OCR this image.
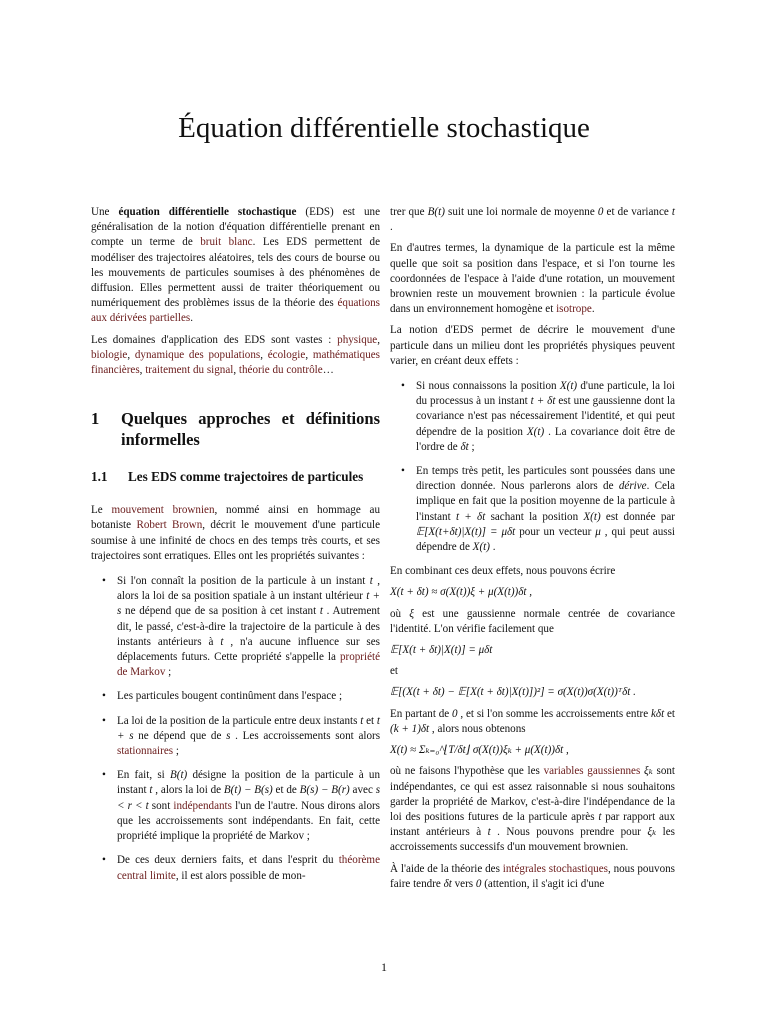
Équation différentielle stochastique

Une équation différentielle stochastique (EDS) est une généralisation de la notion d'équation différentielle prenant en compte un terme de bruit blanc. Les EDS permettent de modéliser des trajectoires aléatoires, tels des cours de bourse ou les mouvements de particules soumises à des phénomènes de diffusion. Elles permettent aussi de traiter théoriquement ou numériquement des problèmes issus de la théorie des équations aux dérivées partielles.

Les domaines d'application des EDS sont vastes : physique, biologie, dynamique des populations, écologie, mathématiques financières, traitement du signal, théorie du contrôle…

1	Quelques approches et définitions informelles
1.1	Les EDS comme trajectoires de particules

Le mouvement brownien, nommé ainsi en hommage au botaniste Robert Brown, décrit le mouvement d'une particule soumise à une infinité de chocs en des temps très courts, et ses trajectoires sont erratiques. Elles ont les propriétés suivantes :

• Si l'on connaît la position de la particule à un instant t , alors la loi de sa position spatiale à un instant ultérieur t + s ne dépend que de sa position à cet instant t . Autrement dit, le passé, c'est-à-dire la trajectoire de la particule à des instants antérieurs à t , n'a aucune influence sur ses déplacements futurs. Cette propriété s'appelle la propriété de Markov ;
• Les particules bougent continûment dans l'espace ;
• La loi de la position de la particule entre deux instants t et t + s ne dépend que de s . Les accroissements sont alors stationnaires ;
• En fait, si B(t) désigne la position de la particule à un instant t , alors la loi de B(t) − B(s) et de B(s) − B(r) avec s < r < t sont indépendants l'un de l'autre. Nous dirons alors que les accroissements sont indépendants. En fait, cette propriété implique la propriété de Markov ;
• De ces deux derniers faits, et dans l'esprit du théorème central limite, il est alors possible de mon-

trer que B(t) suit une loi normale de moyenne 0 et de variance t .

En d'autres termes, la dynamique de la particule est la même quelle que soit sa position dans l'espace, et si l'on tourne les coordonnées de l'espace à l'aide d'une rotation, un mouvement brownien reste un mouvement brownien : la particule évolue dans un environnement homogène et isotrope.

La notion d'EDS permet de décrire le mouvement d'une particule dans un milieu dont les propriétés physiques peuvent varier, en créant deux effets :

• Si nous connaissons la position X(t) d'une particule, la loi du processus à un instant t + δt est une gaussienne dont la covariance n'est pas nécessairement l'identité, et qui peut dépendre de la position X(t) . La covariance doit être de l'ordre de δt ;
• En temps très petit, les particules sont poussées dans une direction donnée. Nous parlerons alors de dérive. Cela implique en fait que la position moyenne de la particule à l'instant t + δt sachant la position X(t) est donnée par 𝔼[X(t+δt)|X(t)] = μδt pour un vecteur μ , qui peut aussi dépendre de X(t) .

En combinant ces deux effets, nous pouvons écrire

X(t + δt) ≈ σ(X(t))ξ + μ(X(t))δt ,

où ξ est une gaussienne normale centrée de covariance l'identité. L'on vérifie facilement que

𝔼[X(t + δt)|X(t)] = μδt

et

𝔼[(X(t + δt) − 𝔼[X(t + δt)|X(t)])²] = σ(X(t))σ(X(t))ᵀδt .

En partant de 0 , et si l'on somme les accroissements entre kδt et (k + 1)δt , alors nous obtenons

X(t) ≈ Σₖ₌₀^⌊T/δt⌋ σ(X(t))ξₖ + μ(X(t))δt ,

où ne faisons l'hypothèse que les variables gaussiennes ξₖ sont indépendantes, ce qui est assez raisonnable si nous souhaitons garder la propriété de Markov, c'est-à-dire l'indépendance de la loi des positions futures de la particule après t par rapport aux instant antérieurs à t . Nous pouvons prendre pour ξₖ les accroissements successifs d'un mouvement brownien.

À l'aide de la théorie des intégrales stochastiques, nous pouvons faire tendre δt vers 0 (attention, il s'agit ici d'une

1
